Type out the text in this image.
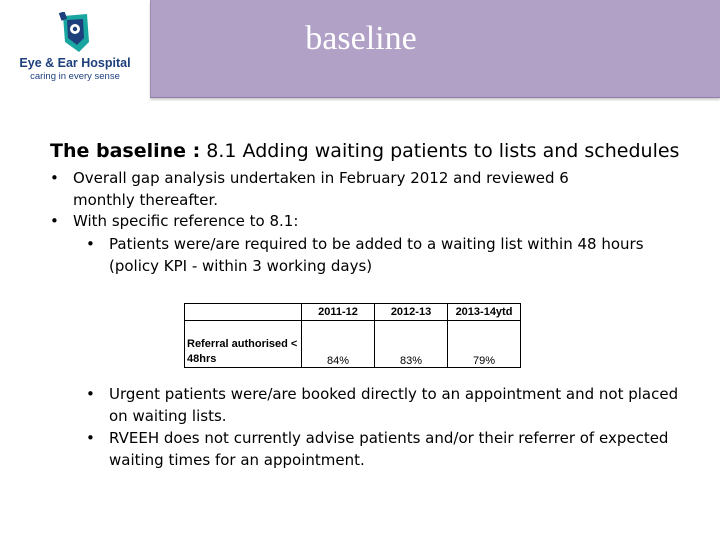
Eye & Ear Hospital
caring in every sense
baseline
The baseline : 8.1 Adding waiting patients to lists and schedules
• Overall gap analysis undertaken in February 2012 and reviewed 6 monthly thereafter.
• With specific reference to 8.1:
• Patients were/are required to be added to a waiting list within 48 hours (policy KPI - within 3 working days)
• Urgent patients were/are booked directly to an appointment and not placed on waiting lists.
• RVEEH does not currently advise patients and/or their referrer of expected waiting times for an appointment.
	2011-12	2012-13	2013-14ytd
Referral authorised < 48hrs	84%	83%	79%
